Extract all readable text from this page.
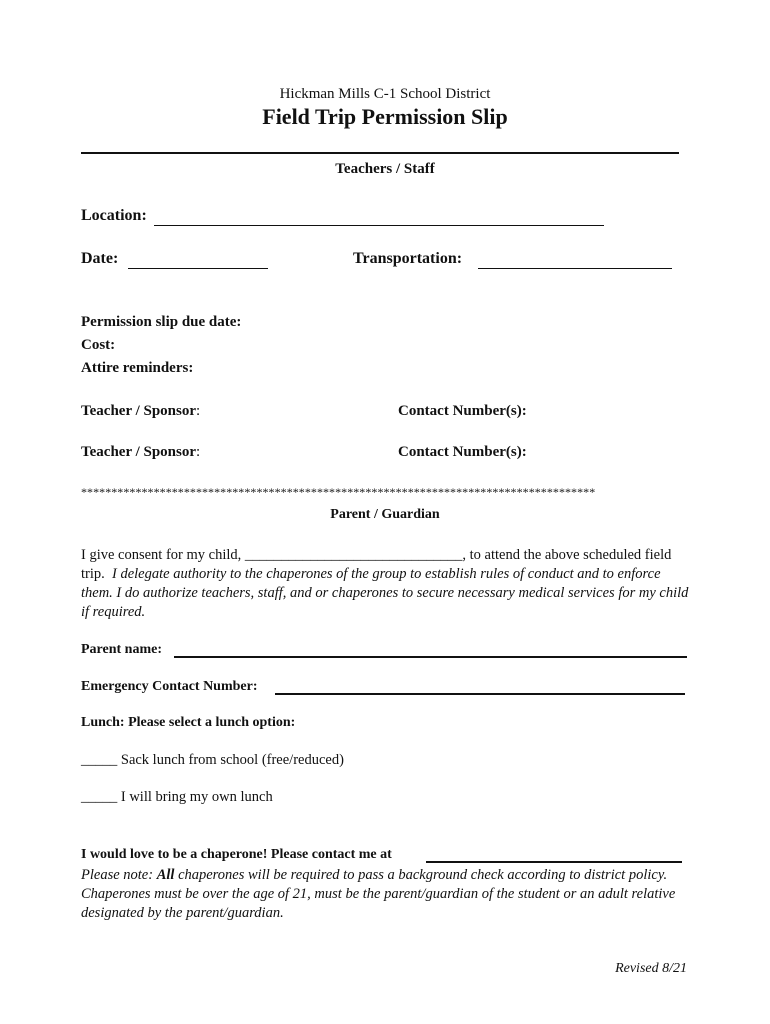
Hickman Mills C-1 School District
Field Trip Permission Slip
Teachers / Staff
Location:
Date:	Transportation:
Permission slip due date:
Cost:
Attire reminders:
Teacher / Sponsor:	Contact Number(s):
Teacher / Sponsor:	Contact Number(s):
*************************************************************************************
Parent / Guardian
I give consent for my child, ______________________________, to attend the above scheduled field trip. I delegate authority to the chaperones of the group to establish rules of conduct and to enforce them. I do authorize teachers, staff, and or chaperones to secure necessary medical services for my child if required.
Parent name:
Emergency Contact Number:
Lunch: Please select a lunch option:
_____ Sack lunch from school (free/reduced)
_____ I will bring my own lunch
I would love to be a chaperone! Please contact me at
Please note: All chaperones will be required to pass a background check according to district policy. Chaperones must be over the age of 21, must be the parent/guardian of the student or an adult relative designated by the parent/guardian.
Revised 8/21
